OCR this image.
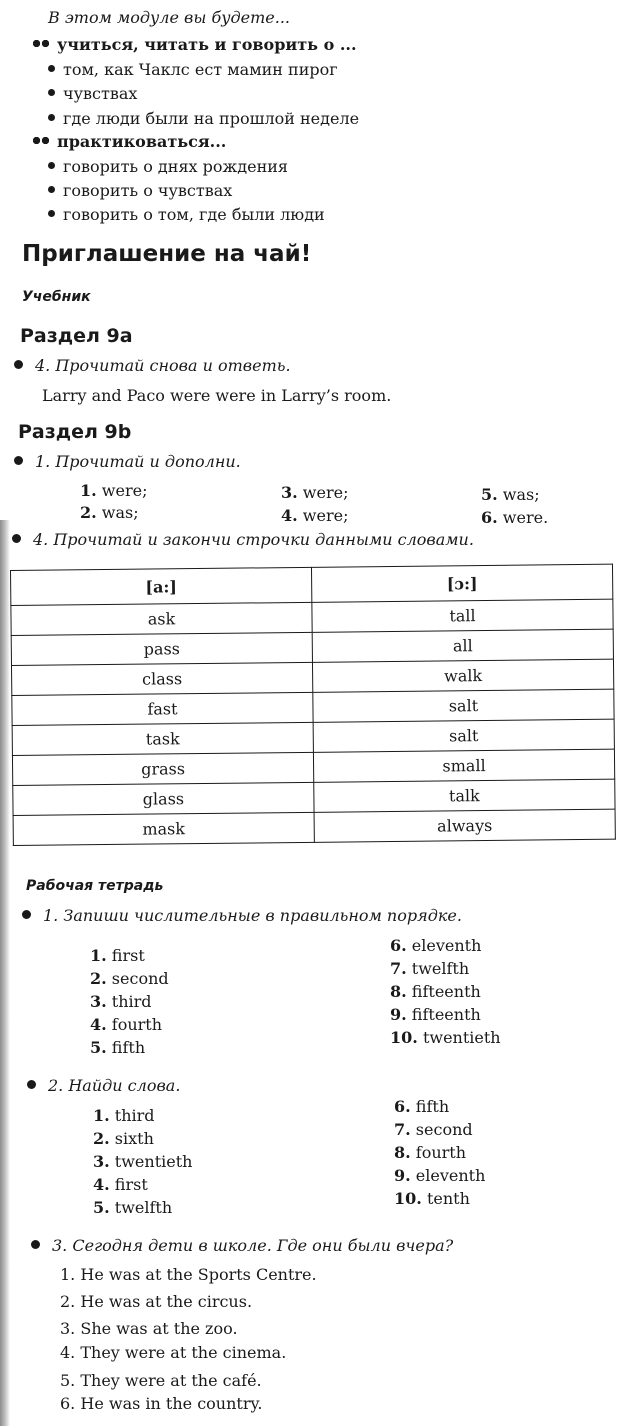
В этом модуле вы будете...
учиться, читать и говорить о ...
том, как Чаклс ест мамин пирог
чувствах
где люди были на прошлой неделе
практиковаться...
говорить о днях рождения
говорить о чувствах
говорить о том, где были люди
Приглашение на чай!
Учебник
Раздел 9a
4. Прочитай снова и ответь.
Larry and Paco were were in Larry’s room.
Раздел 9b
1. Прочитай и дополни.
1. were;
2. was;
3. were;
4. were;
5. was;
6. were.
4. Прочитай и закончи строчки данными словами.
[a:]	[ɔ:]
ask	tall
pass	all
class	walk
fast	salt
task	salt
grass	small
glass	talk
mask	always
Рабочая тетрадь
1. Запиши числительные в правильном порядке.
1. first
2. second
3. third
4. fourth
5. fifth
6. eleventh
7. twelfth
8. fifteenth
9. fifteenth
10. twentieth
2. Найди слова.
1. third
2. sixth
3. twentieth
4. first
5. twelfth
6. fifth
7. second
8. fourth
9. eleventh
10. tenth
3. Сегодня дети в школе. Где они были вчера?
1. He was at the Sports Centre.
2. He was at the circus.
3. She was at the zoo.
4. They were at the cinema.
5. They were at the café.
6. He was in the country.
